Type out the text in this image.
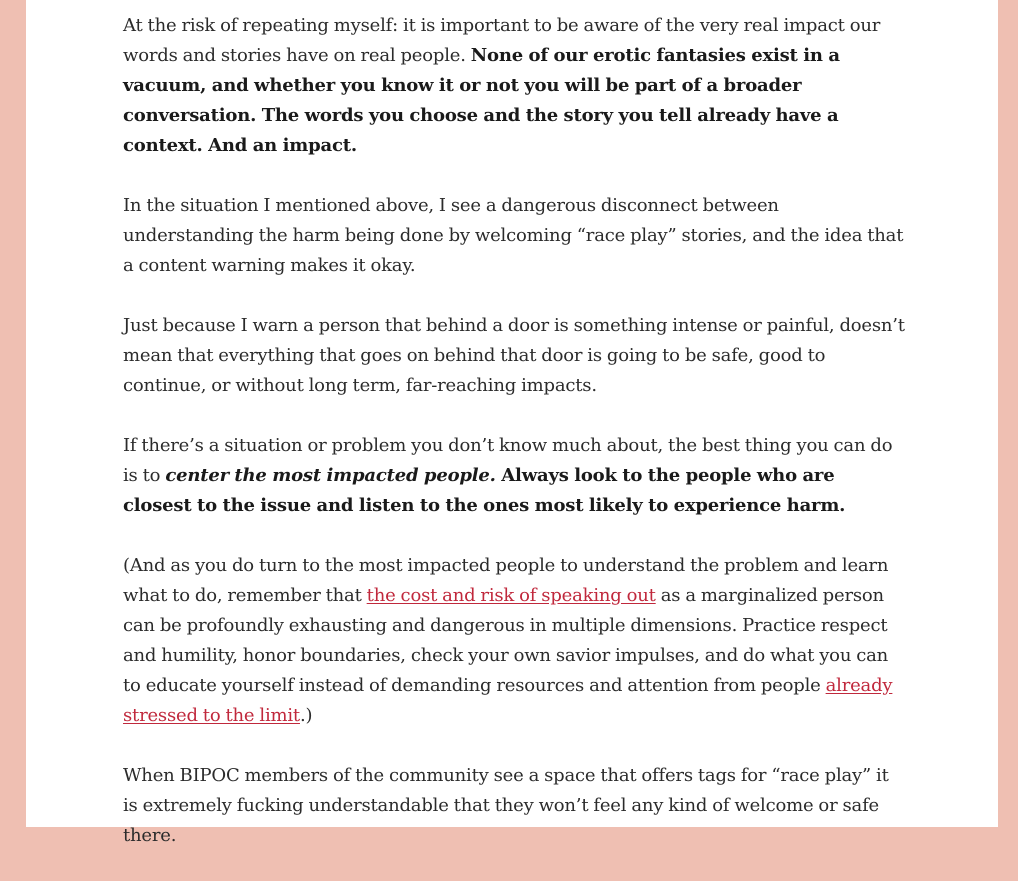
At the risk of repeating myself: it is important to be aware of the very real impact our words and stories have on real people. None of our erotic fantasies exist in a vacuum, and whether you know it or not you will be part of a broader conversation. The words you choose and the story you tell already have a context. And an impact.

In the situation I mentioned above, I see a dangerous disconnect between understanding the harm being done by welcoming “race play” stories, and the idea that a content warning makes it okay.

Just because I warn a person that behind a door is something intense or painful, doesn’t mean that everything that goes on behind that door is going to be safe, good to continue, or without long term, far-reaching impacts.

If there’s a situation or problem you don’t know much about, the best thing you can do is to center the most impacted people. Always look to the people who are closest to the issue and listen to the ones most likely to experience harm.

(And as you do turn to the most impacted people to understand the problem and learn what to do, remember that the cost and risk of speaking out as a marginalized person can be profoundly exhausting and dangerous in multiple dimensions. Practice respect and humility, honor boundaries, check your own savior impulses, and do what you can to educate yourself instead of demanding resources and attention from people already stressed to the limit.)

When BIPOC members of the community see a space that offers tags for “race play” it is extremely fucking understandable that they won’t feel any kind of welcome or safe there.
